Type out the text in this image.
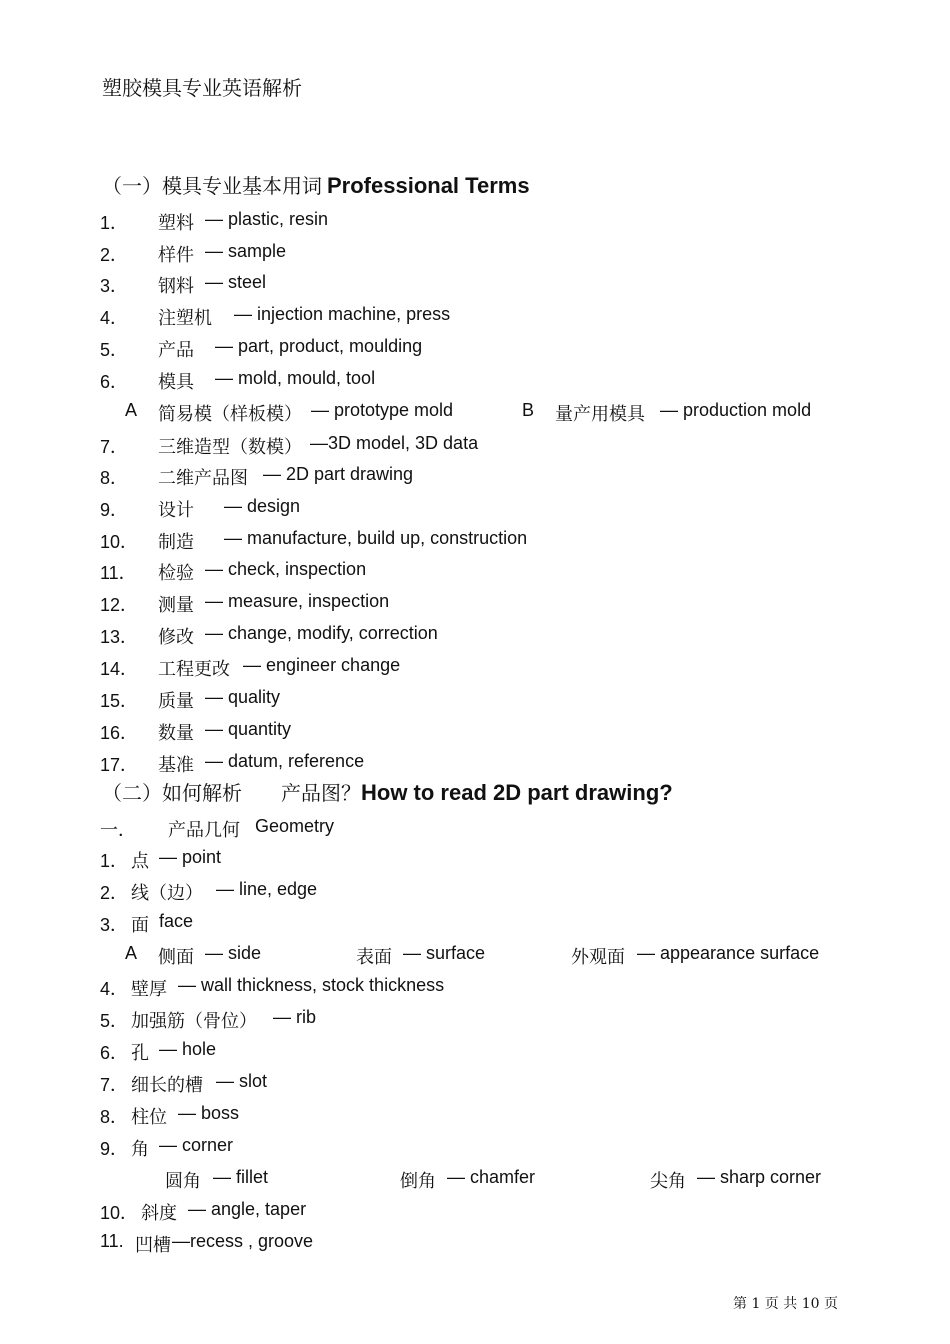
塑胶模具专业英语解析
（一）模具专业基本用词 Professional Terms
1． 塑料 — plastic, resin
2． 样件 — sample
3． 钢料 — steel
4． 注塑机 — injection machine, press
5． 产品 — part, product, moulding
6． 模具 — mold, mould, tool
A 简易模（样板模） — prototype mold	B 量产用模具 — production mold
7． 三维造型（数模） —3D model, 3D data
8． 二维产品图 — 2D part drawing
9． 设计 — design
10． 制造 — manufacture, build up, construction
11． 检验 — check, inspection
12． 测量 — measure, inspection
13． 修改 — change, modify, correction
14． 工程更改 — engineer change
15． 质量 — quality
16． 数量 — quantity
17． 基准 — datum, reference
（二）如何解析 产品图？How to read 2D part drawing?
一． 产品几何 Geometry
1． 点 — point
2． 线（边） — line, edge
3． 面 face
A 侧面 — side	表面 — surface	外观面 — appearance surface
4． 壁厚 — wall thickness, stock thickness
5． 加强筋（骨位） — rib
6． 孔 — hole
7． 细长的槽 — slot
8． 柱位 — boss
9． 角 — corner
圆角 — fillet	倒角 — chamfer	尖角 — sharp corner
10． 斜度 — angle, taper
11. 凹槽 —recess , groove
第 1 页 共 10 页
